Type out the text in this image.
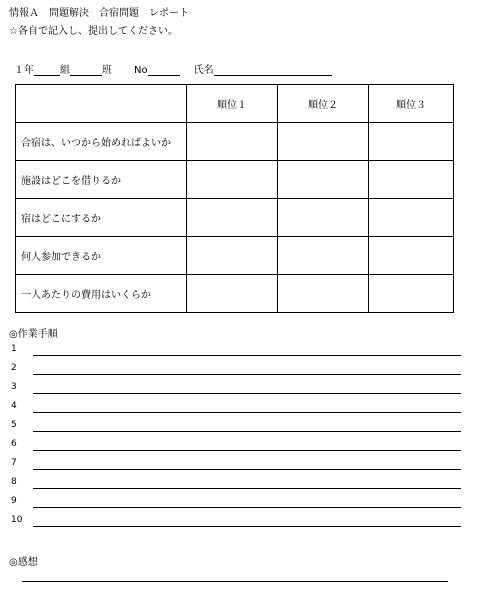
情報Ａ 問題解決 合宿問題 レポート
☆各自で記入し、提出してください。
１年	組	班 No	氏名
	順位１	順位２	順位３
合宿は、いつから始めればよいか			
施設はどこを借りるか			
宿はどこにするか			
何人参加できるか			
一人あたりの費用はいくらか			
◎作業手順
1
2
3
4
5
6
7
8
9
10
◎感想
